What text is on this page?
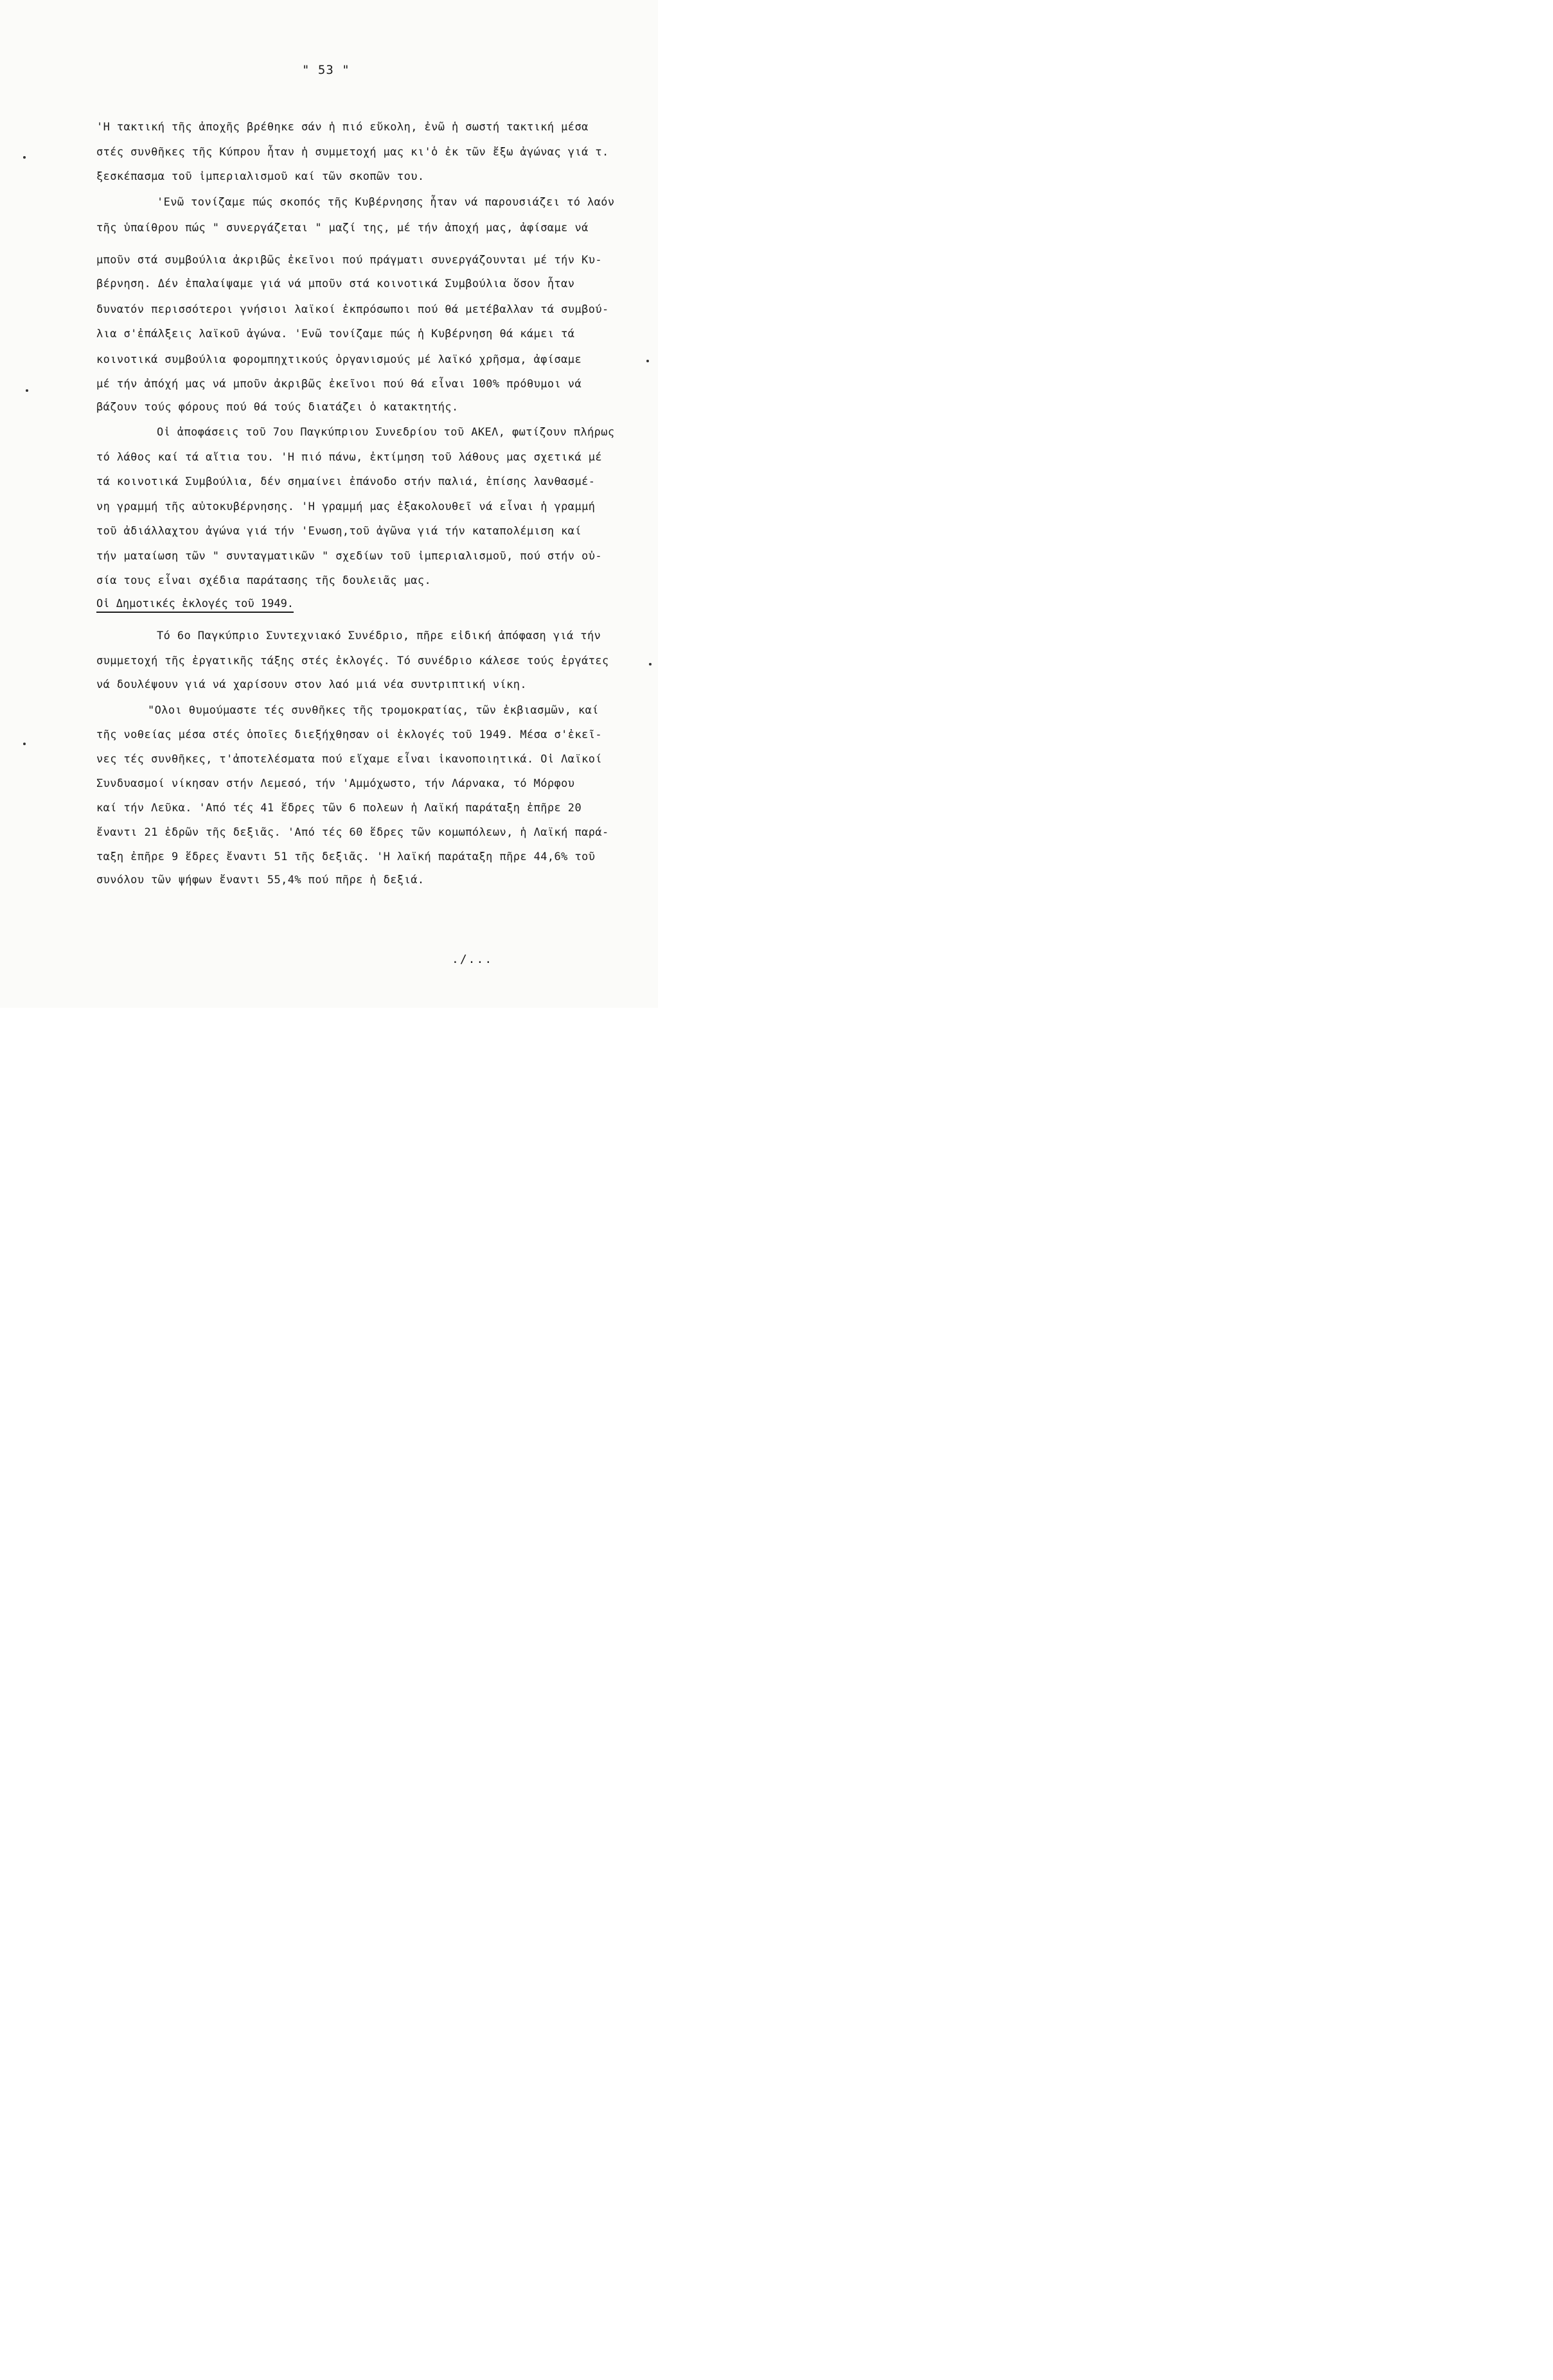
" 53 "
'Η τακτική τῆς ἀποχῆς βρέθηκε σάν ἡ πιό εὔκολη, ἐνῶ ἡ σωστή τακτική μέσα
στές συνθῆκες τῆς Κύπρου ἦταν ἡ συμμετοχή μας κι'ὁ ἐκ τῶν ἔξω ἀγώνας γιά τ.
ξεσκέπασμα τοῦ ἰμπεριαλισμοῦ καί τῶν σκοπῶν του.
'Ενῶ τονίζαμε πώς σκοπός τῆς Κυβέρνησης ἦταν νά παρουσιάζει τό λαόν
τῆς ὑπαίθρου πώς " συνεργάζεται " μαζί της, μέ τήν ἀποχή μας, ἀφίσαμε νά
μποῦν στά συμβούλια ἀκριβῶς ἐκεῖνοι πού πράγματι συνεργάζουνται μέ τήν Κυ-
βέρνηση. Δέν ἐπαλαίψαμε γιά νά μποῦν στά κοινοτικά Συμβούλια ὅσον ἦταν
δυνατόν περισσότεροι γνήσιοι λαϊκοί ἐκπρόσωποι πού θά μετέβαλλαν τά συμβού-
λια σ'ἐπάλξεις λαϊκοῦ ἀγώνα. 'Ενῶ τονίζαμε πώς ἡ Κυβέρνηση θά κάμει τά
κοινοτικά συμβούλια φορομπηχτικούς ὀργανισμούς μέ λαϊκό χρῆσμα, ἀφίσαμε
μέ τήν ἀπόχή μας νά μποῦν ἀκριβῶς ἐκεῖνοι πού θά εἶναι 100% πρόθυμοι νά
βάζουν τούς φόρους πού θά τούς διατάζει ὁ κατακτητής.
Οἱ ἀποφάσεις τοῦ 7ου Παγκύπριου Συνεδρίου τοῦ ΑΚΕΛ, φωτίζουν πλήρως
τό λάθος καί τά αἴτια του. 'Η πιό πάνω, ἐκτίμηση τοῦ λάθους μας σχετικά μέ
τά κοινοτικά Συμβούλια, δέν σημαίνει ἐπάνοδο στήν παλιά, ἐπίσης λανθασμέ-
νη γραμμή τῆς αὐτοκυβέρνησης. 'Η γραμμή μας ἐξακολουθεῖ νά εἶναι ἡ γραμμή
τοῦ ἀδιάλλαχτου ἀγώνα γιά τήν 'Ενωση,τοῦ ἀγῶνα γιά τήν καταπολέμιση καί
τήν ματαίωση τῶν " συνταγματικῶν " σχεδίων τοῦ ἰμπεριαλισμοῦ, πού στήν οὐ-
σία τους εἶναι σχέδια παράτασης τῆς δουλειᾶς μας.
Οἱ Δημοτικές ἐκλογές τοῦ 1949.
Τό 6ο Παγκύπριο Συντεχνιακό Συνέδριο, πῆρε εἰδική ἀπόφαση γιά τήν
συμμετοχή τῆς ἐργατικῆς τάξης στές ἐκλογές. Τό συνέδριο κάλεσε τούς ἐργάτες
νά δουλέψουν γιά νά χαρίσουν στον λαό μιά νέα συντριπτική νίκη.
"Ολοι θυμούμαστε τές συνθῆκες τῆς τρομοκρατίας, τῶν ἐκβιασμῶν, καί
τῆς νοθείας μέσα στές ὁποῖες διεξήχθησαν οἱ ἐκλογές τοῦ 1949. Μέσα σ'ἐκεῖ-
νες τές συνθῆκες, τ'ἀποτελέσματα πού εἴχαμε εἶναι ἱκανοποιητικά. Οἱ Λαϊκοί
Συνδυασμοί νίκησαν στήν Λεμεσό, τήν 'Αμμόχωστο, τήν Λάρνακα, τό Μόρφου
καί τήν Λεῦκα. 'Από τές 41 ἕδρες τῶν 6 πολεων ἡ Λαϊκή παράταξη ἐπῆρε 20
ἔναντι 21 ἑδρῶν τῆς δεξιᾶς. 'Από τές 60 ἕδρες τῶν κομωπόλεων, ἡ Λαϊκή παρά-
ταξη ἐπῆρε 9 ἕδρες ἔναντι 51 τῆς δεξιᾶς. 'Η λαϊκή παράταξη πῆρε 44,6% τοῦ
συνόλου τῶν ψήφων ἔναντι 55,4% πού πῆρε ἡ δεξιά.
./...
